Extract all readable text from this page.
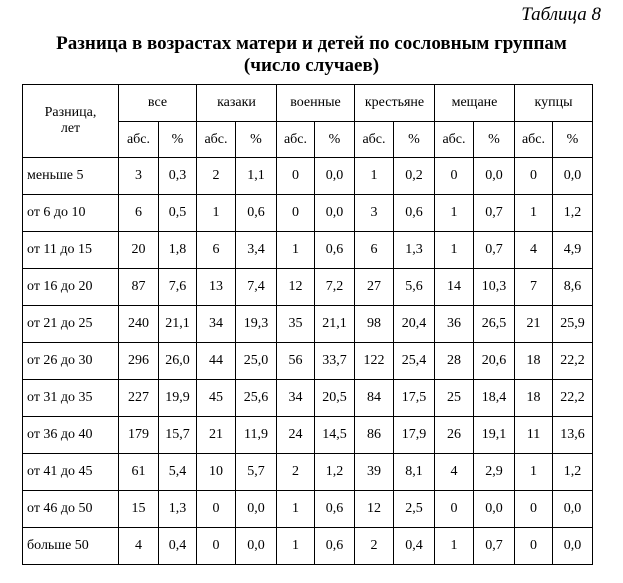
Таблица 8
Разница в возрастах матери и детей по сословным группам
(число случаев)
Разница,
лет	все		казаки		военные		крестьяне		мещане		купцы	
	абс.	%	абс.	%	абс.	%	абс.	%	абс.	%	абс.	%
меньше 5	3	0,3	2	1,1	0	0,0	1	0,2	0	0,0	0	0,0
от 6 до 10	6	0,5	1	0,6	0	0,0	3	0,6	1	0,7	1	1,2
от 11 до 15	20	1,8	6	3,4	1	0,6	6	1,3	1	0,7	4	4,9
от 16 до 20	87	7,6	13	7,4	12	7,2	27	5,6	14	10,3	7	8,6
от 21 до 25	240	21,1	34	19,3	35	21,1	98	20,4	36	26,5	21	25,9
от 26 до 30	296	26,0	44	25,0	56	33,7	122	25,4	28	20,6	18	22,2
от 31 до 35	227	19,9	45	25,6	34	20,5	84	17,5	25	18,4	18	22,2
от 36 до 40	179	15,7	21	11,9	24	14,5	86	17,9	26	19,1	11	13,6
от 41 до 45	61	5,4	10	5,7	2	1,2	39	8,1	4	2,9	1	1,2
от 46 до 50	15	1,3	0	0,0	1	0,6	12	2,5	0	0,0	0	0,0
больше 50	4	0,4	0	0,0	1	0,6	2	0,4	1	0,7	0	0,0
